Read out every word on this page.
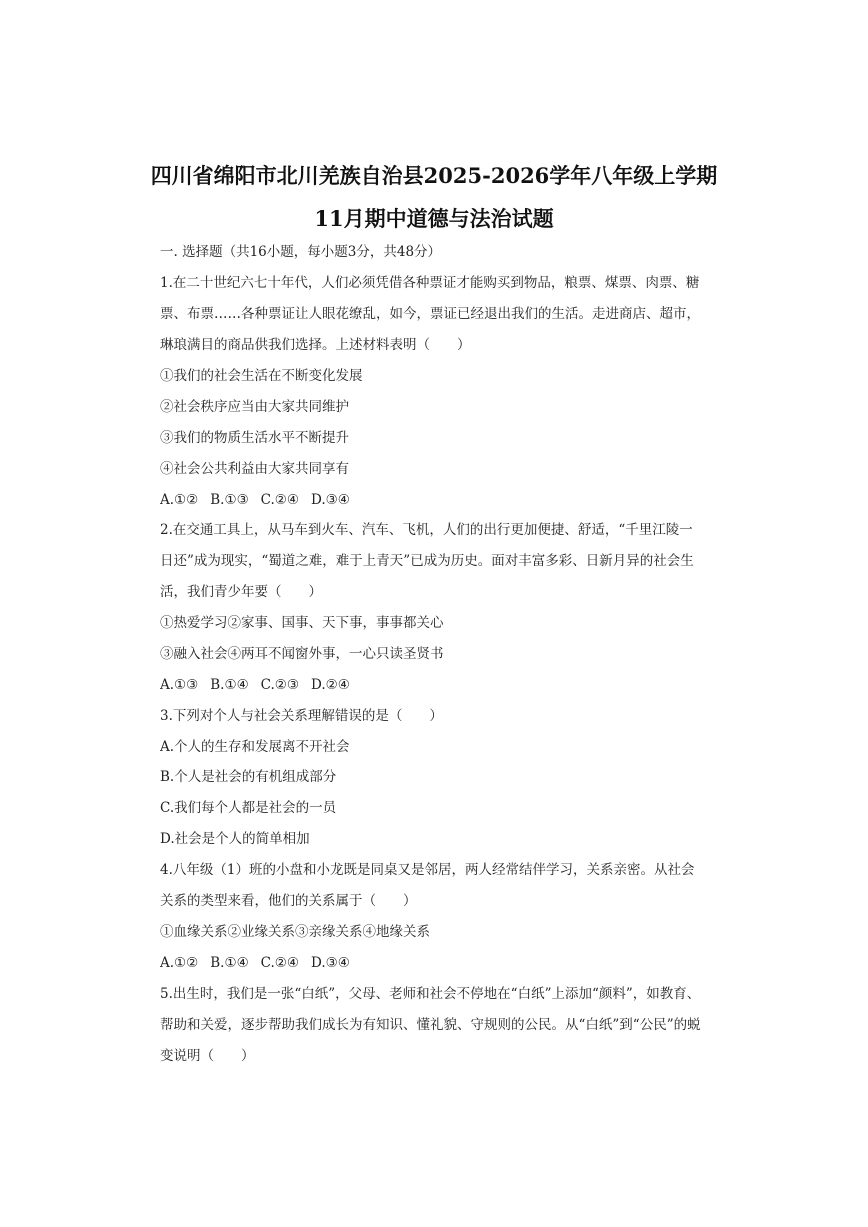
四川省绵阳市北川羌族自治县2025-2026学年八年级上学期
11月期中道德与法治试题
一. 选择题（共16小题，每小题3分，共48分）
1.在二十世纪六七十年代，人们必须凭借各种票证才能购买到物品，粮票、煤票、肉票、糖
票、布票……各种票证让人眼花缭乱，如今，票证已经退出我们的生活。走进商店、超市，
琳琅满目的商品供我们选择。上述材料表明（　　）
①我们的社会生活在不断变化发展
②社会秩序应当由大家共同维护
③我们的物质生活水平不断提升
④社会公共利益由大家共同享有
A.①② B.①③ C.②④ D.③④
2.在交通工具上，从马车到火车、汽车、飞机，人们的出行更加便捷、舒适，“千里江陵一
日还”成为现实，“蜀道之难，难于上青天”已成为历史。面对丰富多彩、日新月异的社会生
活，我们青少年要（　　）
①热爱学习②家事、国事、天下事，事事都关心
③融入社会④两耳不闻窗外事，一心只读圣贤书
A.①③ B.①④ C.②③ D.②④
3.下列对个人与社会关系理解错误的是（　　）
A.个人的生存和发展离不开社会
B.个人是社会的有机组成部分
C.我们每个人都是社会的一员
D.社会是个人的简单相加
4.八年级（1）班的小盘和小龙既是同桌又是邻居，两人经常结伴学习，关系亲密。从社会
关系的类型来看，他们的关系属于（　　）
①血缘关系②业缘关系③亲缘关系④地缘关系
A.①② B.①④ C.②④ D.③④
5.出生时，我们是一张“白纸”，父母、老师和社会不停地在“白纸”上添加“颜料”，如教育、
帮助和关爱，逐步帮助我们成长为有知识、懂礼貌、守规则的公民。从“白纸”到“公民”的蜕
变说明（　　）
